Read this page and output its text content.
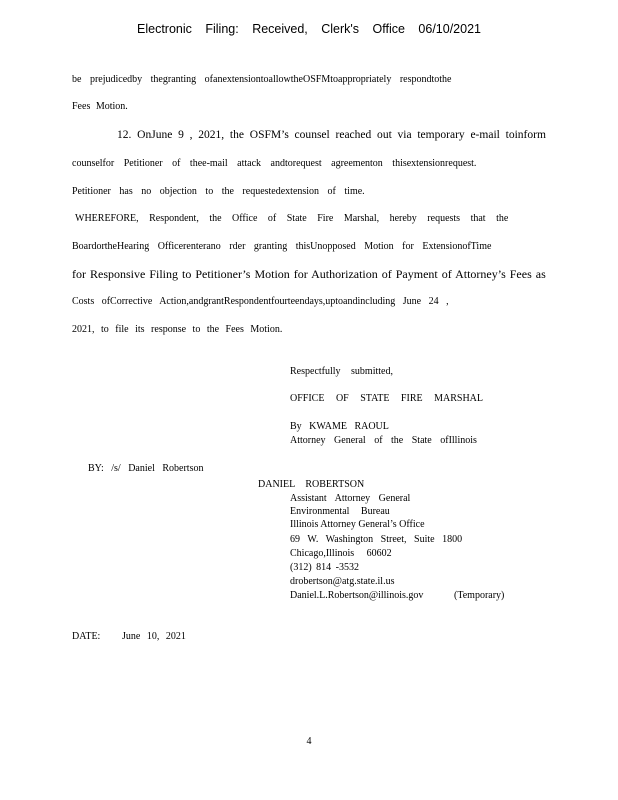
Electronic Filing: Received, Clerk's Office 06/10/2021
be prejudicedby thegranting ofanextensiontoallowtheOSFMtoappropriately respondtothe
Fees Motion.
12. OnJune 9 , 2021, the OSFM’s counsel reached out via temporary e-mail toinform
counselfor Petitioner of thee-mail attack andtorequest agreementon thisextensionrequest.
Petitioner has no objection to the requestedextension of time.
WHEREFORE, Respondent, the Office of State Fire Marshal, hereby requests that the
BoardortheHearing Officerenterano rder granting thisUnopposed Motion for ExtensionofTime
for Responsive Filing to Petitioner’s Motion for Authorization of Payment of Attorney’s Fees as
Costs ofCorrective Action,andgrantRespondentfourteendays,uptoandincluding June 24 ,
2021, to file its response to the Fees Motion.
Respectfully submitted,
OFFICE OF STATE FIRE MARSHAL
By KWAME RAOUL
Attorney General of the State ofIllinois
BY: /s/ Daniel Robertson
DANIEL ROBERTSON
Assistant Attorney General
Environmental Bureau
Illinois Attorney General’s Office
69 W. Washington Street, Suite 1800
Chicago,Illinois 60602
(312) 814 -3532
drobertson@atg.state.il.us
Daniel.L.Robertson@illinois.gov	(Temporary)
DATE: June 10, 2021
4
